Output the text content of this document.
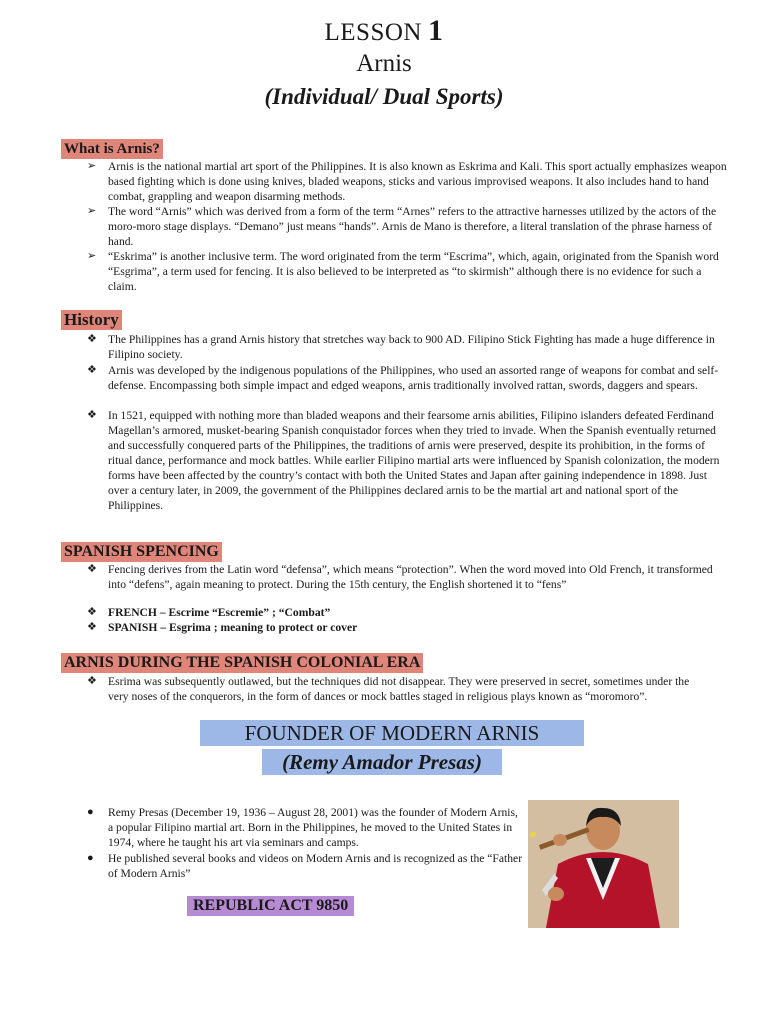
LESSON 1
Arnis
(Individual/ Dual Sports)
What is Arnis?
➢ Arnis is the national martial art sport of the Philippines. It is also known as Eskrima and Kali. This sport actually emphasizes weapon based fighting which is done using knives, bladed weapons, sticks and various improvised weapons. It also includes hand to hand combat, grappling and weapon disarming methods.
➢ The word “Arnis” which was derived from a form of the term “Arnes” refers to the attractive harnesses utilized by the actors of the moro-moro stage displays. “Demano” just means “hands”. Arnis de Mano is therefore, a literal translation of the phrase harness of hand.
➢ “Eskrima” is another inclusive term. The word originated from the term “Escrima”, which, again, originated from the Spanish word “Esgrima”, a term used for fencing. It is also believed to be interpreted as “to skirmish” although there is no evidence for such a claim.
History
❖ The Philippines has a grand Arnis history that stretches way back to 900 AD. Filipino Stick Fighting has made a huge difference in Filipino society.
❖ Arnis was developed by the indigenous populations of the Philippines, who used an assorted range of weapons for combat and self-defense. Encompassing both simple impact and edged weapons, arnis traditionally involved rattan, swords, daggers and spears.
❖ In 1521, equipped with nothing more than bladed weapons and their fearsome arnis abilities, Filipino islanders defeated Ferdinand Magellan’s armored, musket-bearing Spanish conquistador forces when they tried to invade. When the Spanish eventually returned and successfully conquered parts of the Philippines, the traditions of arnis were preserved, despite its prohibition, in the forms of ritual dance, performance and mock battles. While earlier Filipino martial arts were influenced by Spanish colonization, the modern forms have been affected by the country’s contact with both the United States and Japan after gaining independence in 1898. Just over a century later, in 2009, the government of the Philippines declared arnis to be the martial art and national sport of the Philippines.
SPANISH SPENCING
❖ Fencing derives from the Latin word “defensa”, which means “protection”. When the word moved into Old French, it transformed into “defens”, again meaning to protect. During the 15th century, the English shortened it to “fens”
❖ FRENCH – Escrime “Escremie” ; “Combat”
❖ SPANISH – Esgrima ; meaning to protect or cover
ARNIS DURING THE SPANISH COLONIAL ERA
❖ Esrima was subsequently outlawed, but the techniques did not disappear. They were preserved in secret, sometimes under the very noses of the conquerors, in the form of dances or mock battles staged in religious plays known as “moromoro”.
FOUNDER OF MODERN ARNIS
(Remy Amador Presas)
● Remy Presas (December 19, 1936 – August 28, 2001) was the founder of Modern Arnis, a popular Filipino martial art. Born in the Philippines, he moved to the United States in 1974, where he taught his art via seminars and camps.
● He published several books and videos on Modern Arnis and is recognized as the “Father of Modern Arnis”
REPUBLIC ACT 9850
